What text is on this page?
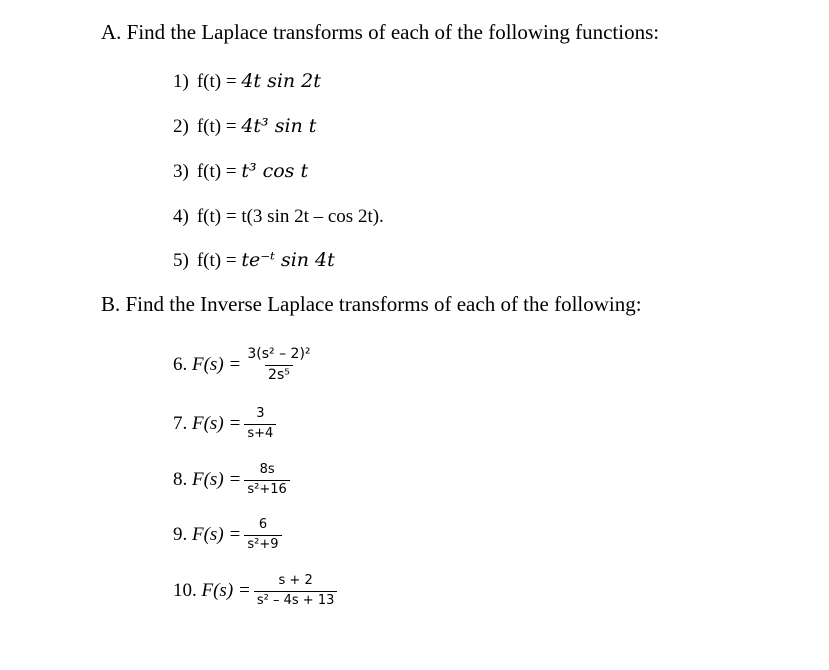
A. Find the Laplace transforms of each of the following functions:
1) f(t) = 4t sin 2t
2) f(t) = 4t³ sin t
3) f(t) = t³ cos t
4) f(t) = t(3 sin 2t – cos 2t).
5) f(t) = te⁻ᵗ sin 4t
B. Find the Inverse Laplace transforms of each of the following:
6. $F(s) = \frac{\text{3(s² – 2)²}}{\text{2s⁵}}$
7. $F(s) = \frac{3}{s+4}$
8. $F(s) = \frac{8s}{\text{s²+16}}$
9. $F(s) = \frac{6}{\text{s²+9}}$
10. $F(s) = \frac{s + 2}{\text{s² – 4s + 13}}$
